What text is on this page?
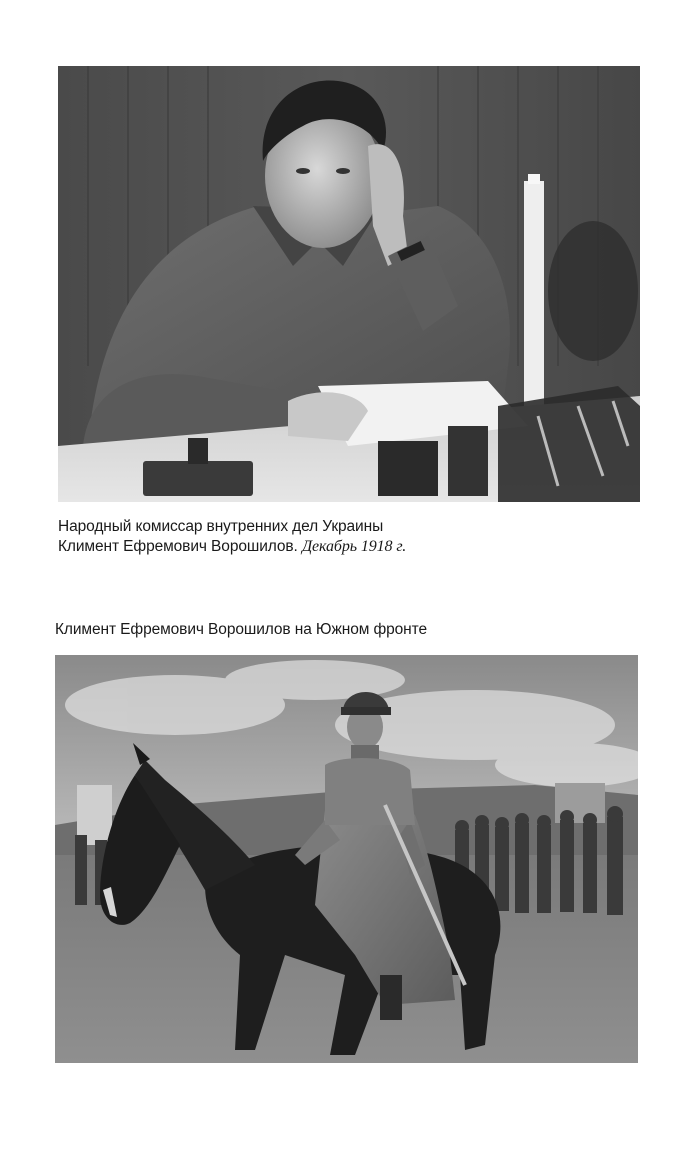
Народный комиссар внутренних дел Украины
Климент Ефремович Ворошилов. Декабрь 1918 г.
Климент Ефремович Ворошилов на Южном фронте
